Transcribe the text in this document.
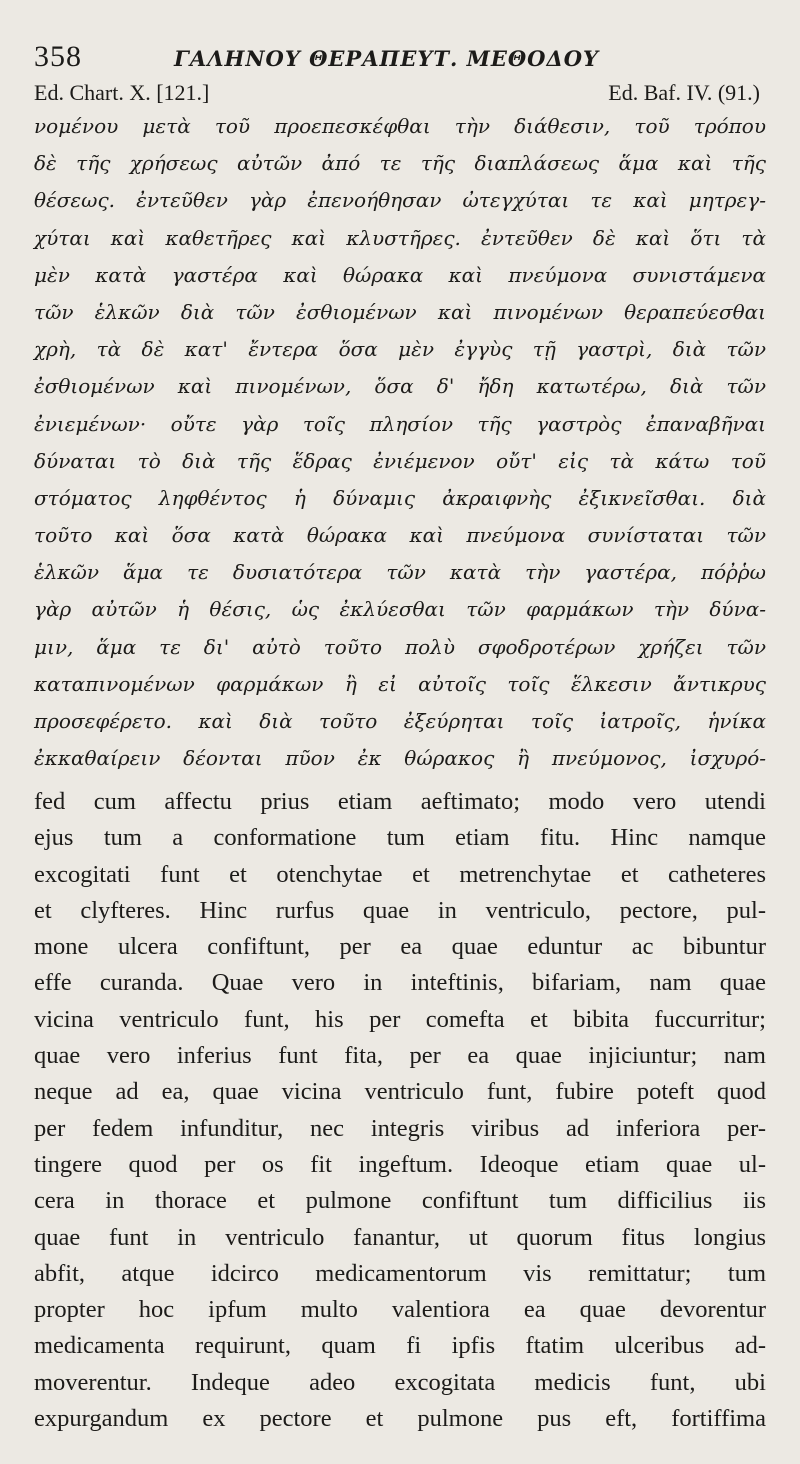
358	ΓΑΛΗΝΟΥ ΘΕΡΑΠΕΥΤ. ΜΕΘΟΔΟΥ
Ed. Chart. X. [121.]	Ed. Baf. IV. (91.)
νομένου μετὰ τοῦ προεπεσκέφθαι τὴν διάθεσιν, τοῦ τρόπου
δὲ τῆς χρήσεως αὐτῶν ἀπό τε τῆς διαπλάσεως ἅμα καὶ τῆς
θέσεως. ἐντεῦθεν γὰρ ἐπενοήθησαν ὠτεγχύται τε καὶ μητρεγ-
χύται καὶ καθετῆρες καὶ κλυστῆρες. ἐντεῦθεν δὲ καὶ ὅτι τὰ
μὲν κατὰ γαστέρα καὶ θώρακα καὶ πνεύμονα συνιστάμενα
τῶν ἑλκῶν διὰ τῶν ἐσθιομένων καὶ πινομένων θεραπεύεσθαι
χρὴ, τὰ δὲ κατ' ἔντερα ὅσα μὲν ἐγγὺς τῇ γαστρὶ, διὰ τῶν
ἐσθιομένων καὶ πινομένων, ὅσα δ' ἤδη κατωτέρω, διὰ τῶν
ἐνιεμένων· οὔτε γὰρ τοῖς πλησίον τῆς γαστρὸς ἐπαναβῆναι
δύναται τὸ διὰ τῆς ἕδρας ἐνιέμενον οὔτ' εἰς τὰ κάτω τοῦ
στόματος ληφθέντος ἡ δύναμις ἀκραιφνὴς ἐξικνεῖσθαι. διὰ
τοῦτο καὶ ὅσα κατὰ θώρακα καὶ πνεύμονα συνίσταται τῶν
ἑλκῶν ἅμα τε δυσιατότερα τῶν κατὰ τὴν γαστέρα, πόῤῥω
γὰρ αὐτῶν ἡ θέσις, ὡς ἐκλύεσθαι τῶν φαρμάκων τὴν δύνα-
μιν, ἅμα τε δι' αὐτὸ τοῦτο πολὺ σφοδροτέρων χρήζει τῶν
καταπινομένων φαρμάκων ἢ εἰ αὐτοῖς τοῖς ἕλκεσιν ἄντικρυς
προσεφέρετο. καὶ διὰ τοῦτο ἐξεύρηται τοῖς ἰατροῖς, ἡνίκα
ἐκκαθαίρειν δέονται πῦον ἐκ θώρακος ἢ πνεύμονος, ἰσχυρό-
fed cum affectu prius etiam aeftimato; modo vero utendi
ejus tum a conformatione tum etiam fitu. Hinc namque
excogitati funt et otenchytae et metrenchytae et catheteres
et clyfteres. Hinc rurfus quae in ventriculo, pectore, pul-
mone ulcera confiftunt, per ea quae eduntur ac bibuntur
effe curanda. Quae vero in inteftinis, bifariam, nam quae
vicina ventriculo funt, his per comefta et bibita fuccurritur;
quae vero inferius funt fita, per ea quae injiciuntur; nam
neque ad ea, quae vicina ventriculo funt, fubire poteft quod
per fedem infunditur, nec integris viribus ad inferiora per-
tingere quod per os fit ingeftum. Ideoque etiam quae ul-
cera in thorace et pulmone confiftunt tum difficilius iis
quae funt in ventriculo fanantur, ut quorum fitus longius
abfit, atque idcirco medicamentorum vis remittatur; tum
propter hoc ipfum multo valentiora ea quae devorentur
medicamenta requirunt, quam fi ipfis ftatim ulceribus ad-
moverentur. Indeque adeo excogitata medicis funt, ubi
expurgandum ex pectore et pulmone pus eft, fortiffima
